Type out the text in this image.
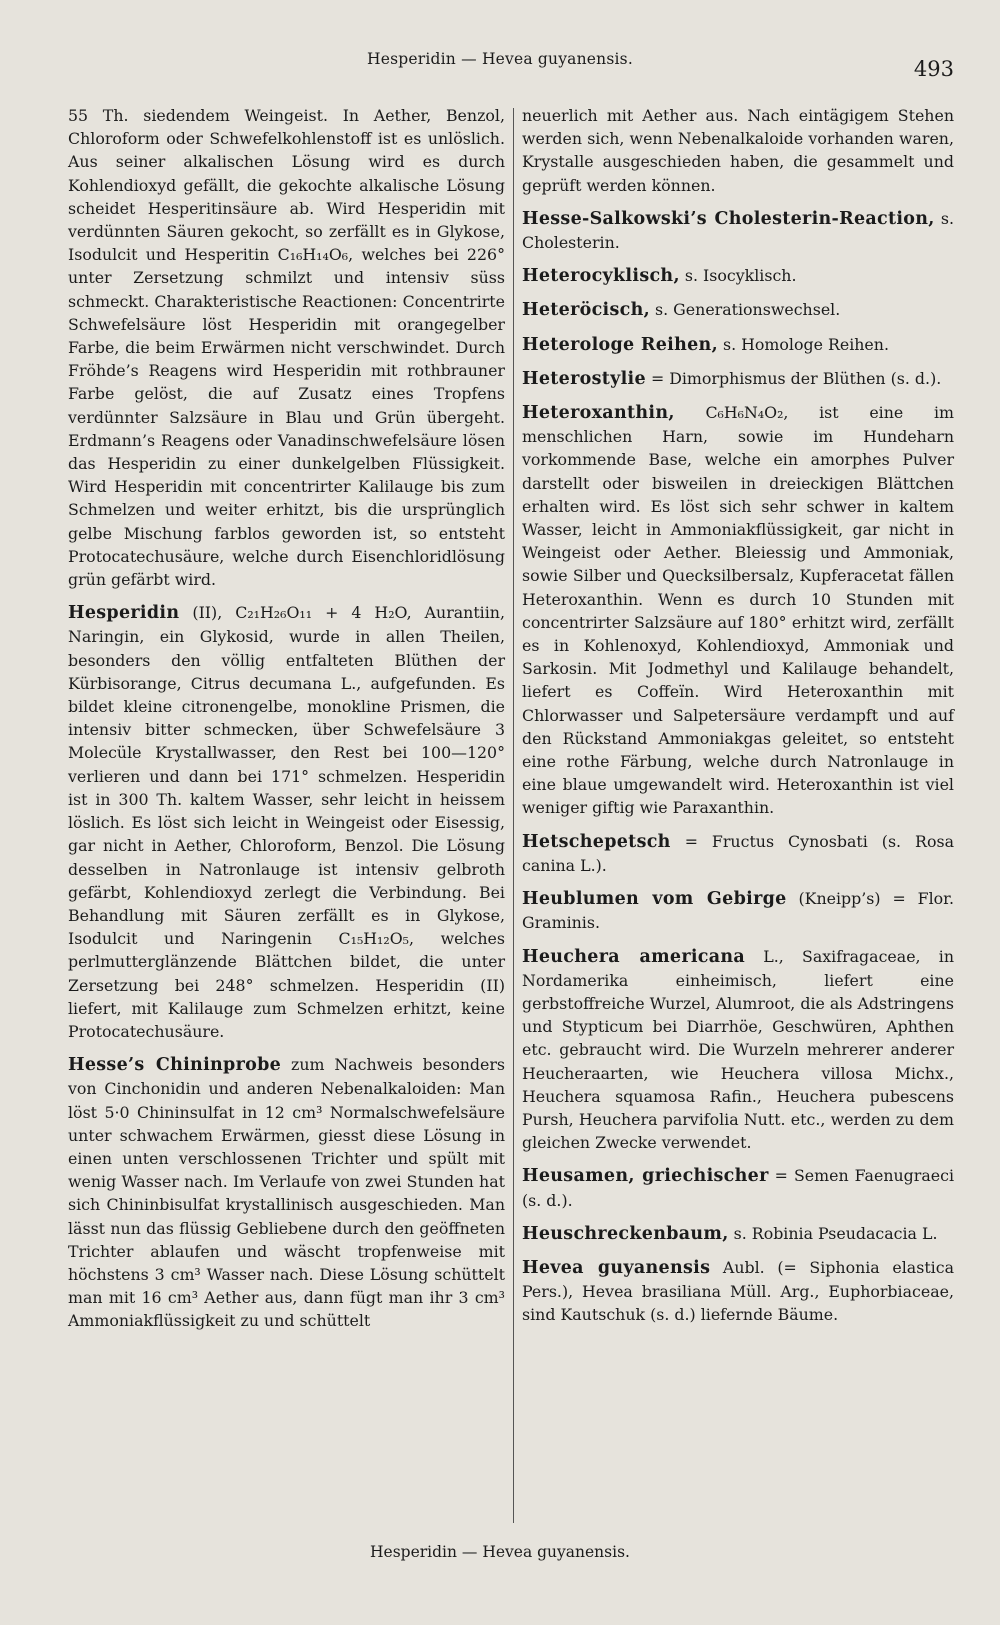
Hesperidin — Hevea guyanensis.	493

55 Th. siedendem Weingeist. In Aether, Benzol, Chloroform oder Schwefelkohlenstoff ist es unlöslich. Aus seiner alkalischen Lösung wird es durch Kohlendioxyd gefällt, die gekochte alkalische Lösung scheidet Hesperitinsäure ab. Wird Hesperidin mit verdünnten Säuren gekocht, so zerfällt es in Glykose, Isodulcit und Hesperitin C₁₆H₁₄O₆, welches bei 226° unter Zersetzung schmilzt und intensiv süss schmeckt. Charakteristische Reactionen: Concentrirte Schwefelsäure löst Hesperidin mit orangegelber Farbe, die beim Erwärmen nicht verschwindet. Durch Fröhde’s Reagens wird Hesperidin mit rothbrauner Farbe gelöst, die auf Zusatz eines Tropfens verdünnter Salzsäure in Blau und Grün übergeht. Erdmann’s Reagens oder Vanadinschwefelsäure lösen das Hesperidin zu einer dunkelgelben Flüssigkeit. Wird Hesperidin mit concentrirter Kalilauge bis zum Schmelzen und weiter erhitzt, bis die ursprünglich gelbe Mischung farblos geworden ist, so entsteht Protocatechusäure, welche durch Eisenchloridlösung grün gefärbt wird.

Hesperidin (II), C₂₁H₂₆O₁₁ + 4 H₂O, Aurantiin, Naringin, ein Glykosid, wurde in allen Theilen, besonders den völlig entfalteten Blüthen der Kürbisorange, Citrus decumana L., aufgefunden. Es bildet kleine citronengelbe, monokline Prismen, die intensiv bitter schmecken, über Schwefelsäure 3 Molecüle Krystallwasser, den Rest bei 100—120° verlieren und dann bei 171° schmelzen. Hesperidin ist in 300 Th. kaltem Wasser, sehr leicht in heissem löslich. Es löst sich leicht in Weingeist oder Eisessig, gar nicht in Aether, Chloroform, Benzol. Die Lösung desselben in Natronlauge ist intensiv gelbroth gefärbt, Kohlendioxyd zerlegt die Verbindung. Bei Behandlung mit Säuren zerfällt es in Glykose, Isodulcit und Naringenin C₁₅H₁₂O₅, welches perlmutterglänzende Blättchen bildet, die unter Zersetzung bei 248° schmelzen. Hesperidin (II) liefert, mit Kalilauge zum Schmelzen erhitzt, keine Protocatechusäure.

Hesse’s Chininprobe zum Nachweis besonders von Cinchonidin und anderen Nebenalkaloiden: Man löst 5·0 Chininsulfat in 12 cm³ Normalschwefelsäure unter schwachem Erwärmen, giesst diese Lösung in einen unten verschlossenen Trichter und spült mit wenig Wasser nach. Im Verlaufe von zwei Stunden hat sich Chininbisulfat krystallinisch ausgeschieden. Man lässt nun das flüssig Gebliebene durch den geöffneten Trichter ablaufen und wäscht tropfenweise mit höchstens 3 cm³ Wasser nach. Diese Lösung schüttelt man mit 16 cm³ Aether aus, dann fügt man ihr 3 cm³ Ammoniakflüssigkeit zu und schüttelt

neuerlich mit Aether aus. Nach eintägigem Stehen werden sich, wenn Nebenalkaloide vorhanden waren, Krystalle ausgeschieden haben, die gesammelt und geprüft werden können.

Hesse-Salkowski’s Cholesterin-Reaction, s. Cholesterin.

Heterocyklisch, s. Isocyklisch.

Heteröcisch, s. Generationswechsel.

Heterologe Reihen, s. Homologe Reihen.

Heterostylie = Dimorphismus der Blüthen (s. d.).

Heteroxanthin, C₆H₆N₄O₂, ist eine im menschlichen Harn, sowie im Hundeharn vorkommende Base, welche ein amorphes Pulver darstellt oder bisweilen in dreieckigen Blättchen erhalten wird. Es löst sich sehr schwer in kaltem Wasser, leicht in Ammoniakflüssigkeit, gar nicht in Weingeist oder Aether. Bleiessig und Ammoniak, sowie Silber und Quecksilbersalz, Kupferacetat fällen Heteroxanthin. Wenn es durch 10 Stunden mit concentrirter Salzsäure auf 180° erhitzt wird, zerfällt es in Kohlenoxyd, Kohlendioxyd, Ammoniak und Sarkosin. Mit Jodmethyl und Kalilauge behandelt, liefert es Coffeïn. Wird Heteroxanthin mit Chlorwasser und Salpetersäure verdampft und auf den Rückstand Ammoniakgas geleitet, so entsteht eine rothe Färbung, welche durch Natronlauge in eine blaue umgewandelt wird. Heteroxanthin ist viel weniger giftig wie Paraxanthin.

Hetschepetsch = Fructus Cynosbati (s. Rosa canina L.).

Heublumen vom Gebirge (Kneipp’s) = Flor. Graminis.

Heuchera americana L., Saxifragaceae, in Nordamerika einheimisch, liefert eine gerbstoffreiche Wurzel, Alumroot, die als Adstringens und Stypticum bei Diarrhöe, Geschwüren, Aphthen etc. gebraucht wird. Die Wurzeln mehrerer anderer Heucheraarten, wie Heuchera villosa Michx., Heuchera squamosa Rafin., Heuchera pubescens Pursh, Heuchera parvifolia Nutt. etc., werden zu dem gleichen Zwecke verwendet.

Heusamen, griechischer = Semen Faenugraeci (s. d.).

Heuschreckenbaum, s. Robinia Pseudacacia L.

Hevea guyanensis Aubl. (= Siphonia elastica Pers.), Hevea brasiliana Müll. Arg., Euphorbiaceae, sind Kautschuk (s. d.) liefernde Bäume.

Hesperidin — Hevea guyanensis.
